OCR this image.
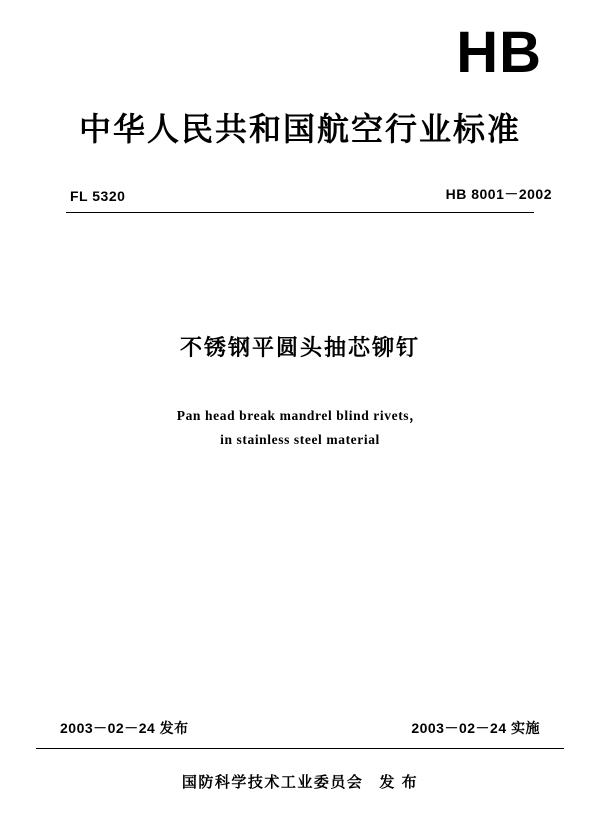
HB
中华人民共和国航空行业标准
FL 5320	HB 8001－2002
不锈钢平圆头抽芯铆钉
Pan head break mandrel blind rivets，
in stainless steel material
2003－02－24 发布	2003－02－24 实施
国防科学技术工业委员会 发 布
